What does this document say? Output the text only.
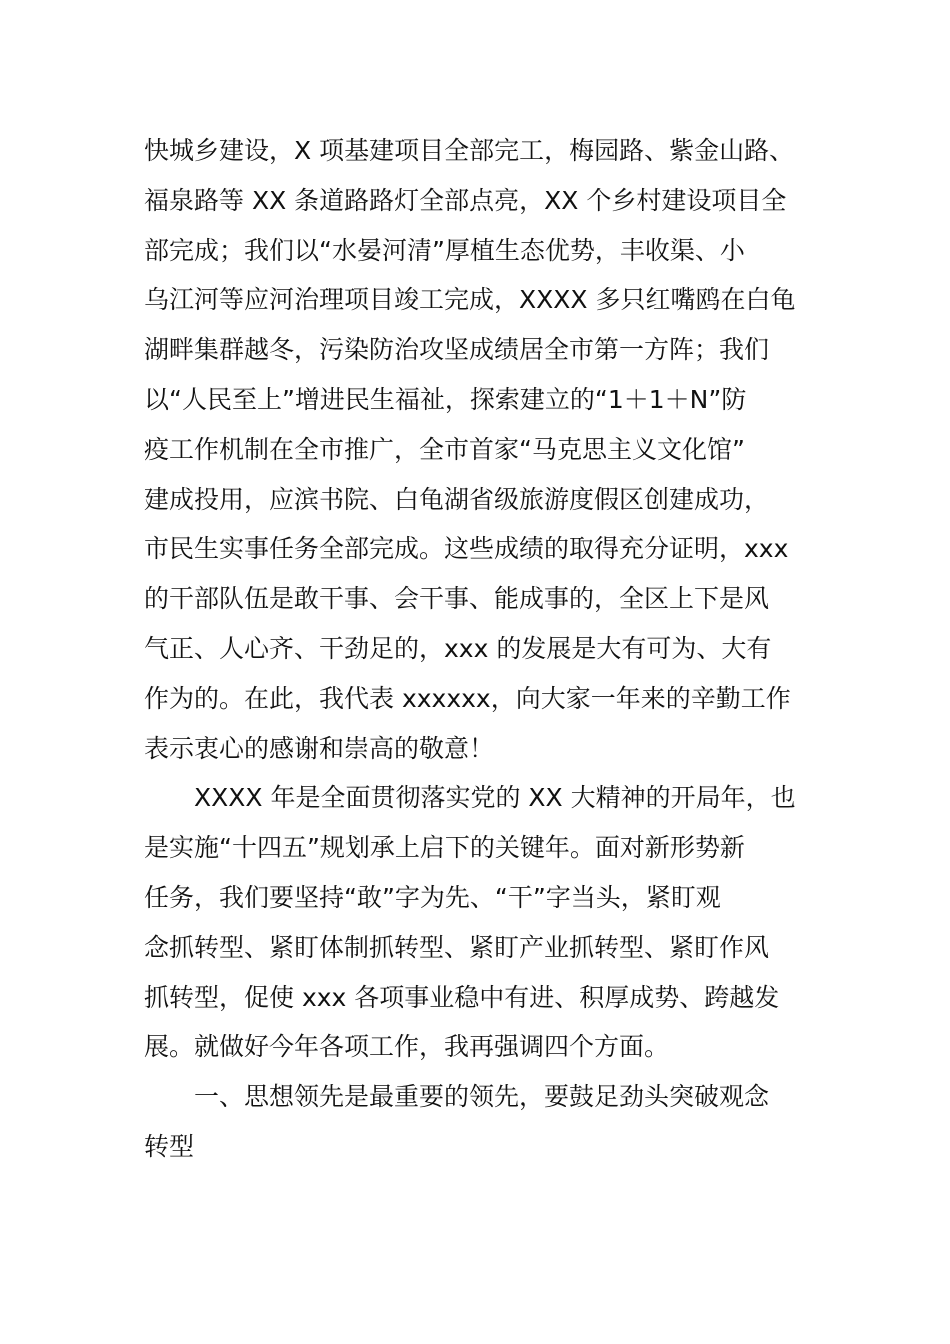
快城乡建设，X 项基建项目全部完工，梅园路、紫金山路、
福泉路等 XX 条道路路灯全部点亮，XX 个乡村建设项目全
部完成；我们以“水晏河清”厚植生态优势，丰收渠、小
乌江河等应河治理项目竣工完成，XXXX 多只红嘴鸥在白龟
湖畔集群越冬，污染防治攻坚成绩居全市第一方阵；我们
以“人民至上”增进民生福祉，探索建立的“1＋1＋N”防
疫工作机制在全市推广，全市首家“马克思主义文化馆”
建成投用，应滨书院、白龟湖省级旅游度假区创建成功，
市民生实事任务全部完成。这些成绩的取得充分证明，xxx
的干部队伍是敢干事、会干事、能成事的，全区上下是风
气正、人心齐、干劲足的，xxx 的发展是大有可为、大有
作为的。在此，我代表 xxxxxx，向大家一年来的辛勤工作
表示衷心的感谢和崇高的敬意！
XXXX 年是全面贯彻落实党的 XX 大精神的开局年，也
是实施“十四五”规划承上启下的关键年。面对新形势新
任务，我们要坚持“敢”字为先、“干”字当头，紧盯观
念抓转型、紧盯体制抓转型、紧盯产业抓转型、紧盯作风
抓转型，促使 xxx 各项事业稳中有进、积厚成势、跨越发
展。就做好今年各项工作，我再强调四个方面。
一、思想领先是最重要的领先，要鼓足劲头突破观念
转型
